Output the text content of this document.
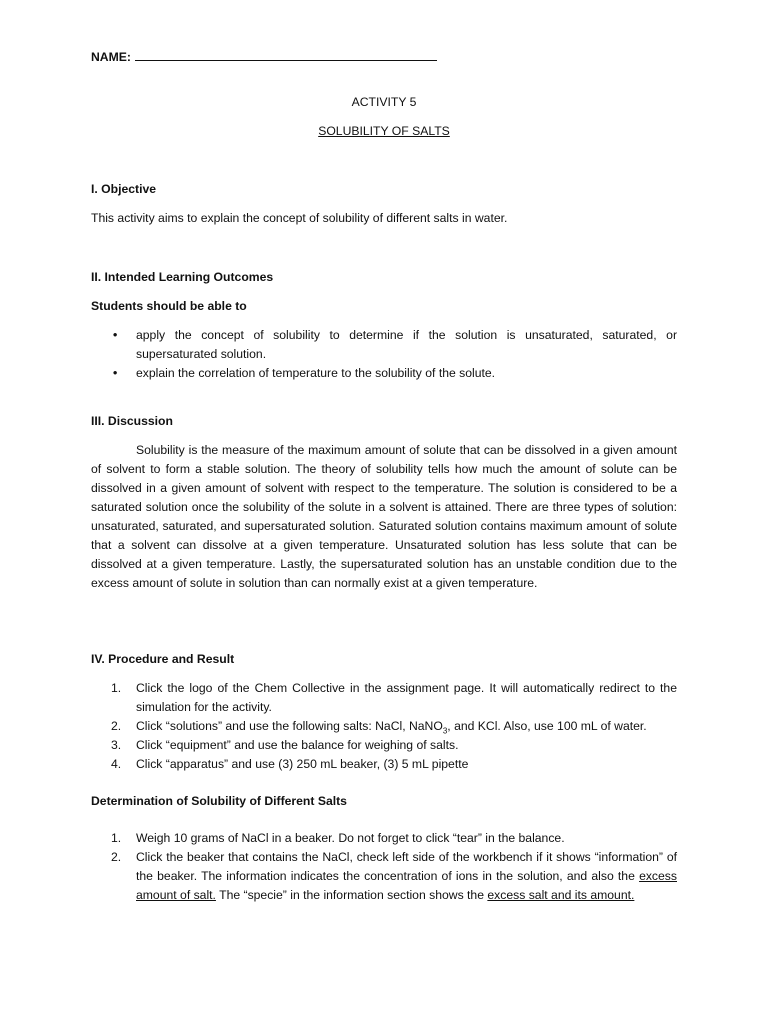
NAME:
ACTIVITY 5
SOLUBILITY OF SALTS
I. Objective
This activity aims to explain the concept of solubility of different salts in water.
II. Intended Learning Outcomes
Students should be able to
• apply the concept of solubility to determine if the solution is unsaturated, saturated, or supersaturated solution.
• explain the correlation of temperature to the solubility of the solute.
III. Discussion
Solubility is the measure of the maximum amount of solute that can be dissolved in a given amount of solvent to form a stable solution. The theory of solubility tells how much the amount of solute can be dissolved in a given amount of solvent with respect to the temperature. The solution is considered to be a saturated solution once the solubility of the solute in a solvent is attained. There are three types of solution: unsaturated, saturated, and supersaturated solution. Saturated solution contains maximum amount of solute that a solvent can dissolve at a given temperature. Unsaturated solution has less solute that can be dissolved at a given temperature. Lastly, the supersaturated solution has an unstable condition due to the excess amount of solute in solution than can normally exist at a given temperature.
IV. Procedure and Result
1. Click the logo of the Chem Collective in the assignment page. It will automatically redirect to the simulation for the activity.
2. Click “solutions” and use the following salts: NaCl, NaNO$_3$, and KCl. Also, use 100 mL of water.
3. Click “equipment” and use the balance for weighing of salts.
4. Click “apparatus” and use (3) 250 mL beaker, (3) 5 mL pipette
Determination of Solubility of Different Salts
1. Weigh 10 grams of NaCl in a beaker. Do not forget to click “tear” in the balance.
2. Click the beaker that contains the NaCl, check left side of the workbench if it shows “information” of the beaker. The information indicates the concentration of ions in the solution, and also the excess amount of salt. The “specie” in the information section shows the excess salt and its amount.
